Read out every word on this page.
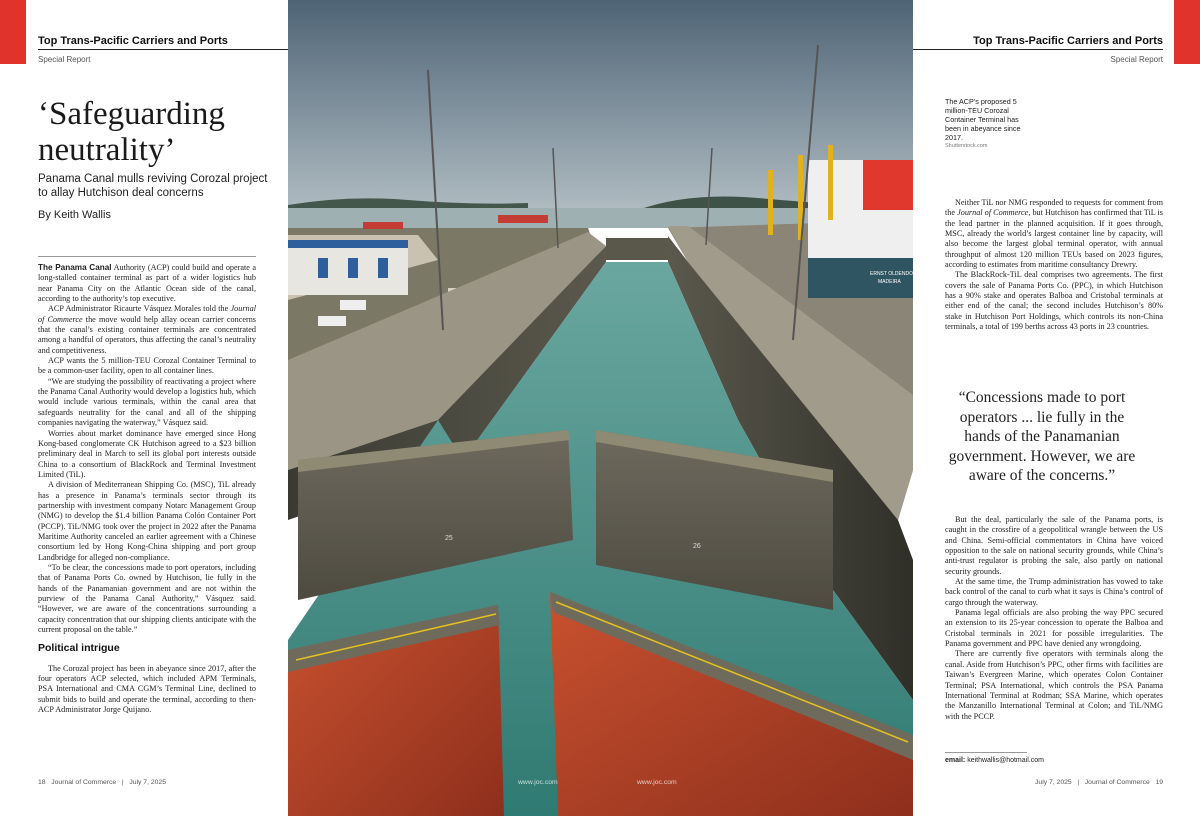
Top Trans-Pacific Carriers and Ports
Special Report
Top Trans-Pacific Carriers and Ports
Special Report
‘Safeguarding neutrality’
Panama Canal mulls reviving Corozal project to allay Hutchison deal concerns
By Keith Wallis

The Panama Canal Authority (ACP) could build and operate a long-stalled container terminal as part of a wider logistics hub near Panama City on the Atlantic Ocean side of the canal, according to the authority’s top executive.

ACP Administrator Ricaurte Vásquez Morales told the Journal of Commerce the move would help allay ocean carrier concerns that the canal’s existing container terminals are concentrated among a handful of operators, thus affecting the canal’s neutrality and competitiveness.

ACP wants the 5 million-TEU Corozal Container Terminal to be a common-user facility, open to all container lines.

“We are studying the possibility of reactivating a project where the Panama Canal Authority would develop a logistics hub, which would include various terminals, within the canal area that safeguards neutrality for the canal and all of the shipping companies navigating the waterway,” Vásquez said.

Worries about market dominance have emerged since Hong Kong-based conglomerate CK Hutchison agreed to a $23 billion preliminary deal in March to sell its global port interests outside China to a consortium of BlackRock and Terminal Investment Limited (TiL).

A division of Mediterranean Shipping Co. (MSC), TiL already has a presence in Panama’s terminals sector through its partnership with investment company Notarc Management Group (NMG) to develop the $1.4 billion Panama Colón Container Port (PCCP). TiL/NMG took over the project in 2022 after the Panama Maritime Authority canceled an earlier agreement with a Chinese consortium led by Hong Kong-China shipping and port group Landbridge for alleged non-compliance.

“To be clear, the concessions made to port operators, including that of Panama Ports Co. owned by Hutchison, lie fully in the hands of the Panamanian government and are not within the purview of the Panama Canal Authority,” Vásquez said. “However, we are aware of the concentrations surrounding a capacity concentration that our shipping clients anticipate with the current proposal on the table.”

Political intrigue

The Corozal project has been in abeyance since 2017, after the four operators ACP selected, which included APM Terminals, PSA International and CMA CGM’s Terminal Line, declined to submit bids to build and operate the terminal, according to then-ACP Administrator Jorge Quijano.

ERNST OLDENDORFF
MADEIRA
25
26
The ACP’s proposed 5 million-TEU Corozal Container Terminal has been in abeyance since 2017.
Shutterstock.com

Neither TiL nor NMG responded to requests for comment from the Journal of Commerce, but Hutchison has confirmed that TiL is the lead partner in the planned acquisition. If it goes through, MSC, already the world’s largest container line by capacity, will also become the largest global terminal operator, with annual throughput of almost 120 million TEUs based on 2023 figures, according to estimates from maritime consultancy Drewry.

The BlackRock-TiL deal comprises two agreements. The first covers the sale of Panama Ports Co. (PPC), in which Hutchison has a 90% stake and operates Balboa and Cristobal terminals at either end of the canal; the second includes Hutchison’s 80% stake in Hutchison Port Holdings, which controls its non-China terminals, a total of 199 berths across 43 ports in 23 countries.

“Concessions made to port operators ... lie fully in the hands of the Panamanian government. However, we are aware of the concerns.”

But the deal, particularly the sale of the Panama ports, is caught in the crossfire of a geopolitical wrangle between the US and China. Semi-official commentators in China have voiced opposition to the sale on national security grounds, while China’s anti-trust regulator is probing the sale, also partly on national security grounds.

At the same time, the Trump administration has vowed to take back control of the canal to curb what it says is China’s control of cargo through the waterway.

Panama legal officials are also probing the way PPC secured an extension to its 25-year concession to operate the Balboa and Cristobal terminals in 2021 for possible irregularities. The Panama government and PPC have denied any wrongdoing.

There are currently five operators with terminals along the canal. Aside from Hutchison’s PPC, other firms with facilities are Taiwan’s Evergreen Marine, which operates Colon Container Terminal; PSA International, which controls the PSA Panama International Terminal at Rodman; SSA Marine, which operates the Manzanillo International Terminal at Colon; and TiL/NMG with the PCCP.

email: keithwallis@hotmail.com
18 Journal of Commerce | July 7, 2025	www.joc.com	www.joc.com	July 7, 2025 | Journal of Commerce 19
